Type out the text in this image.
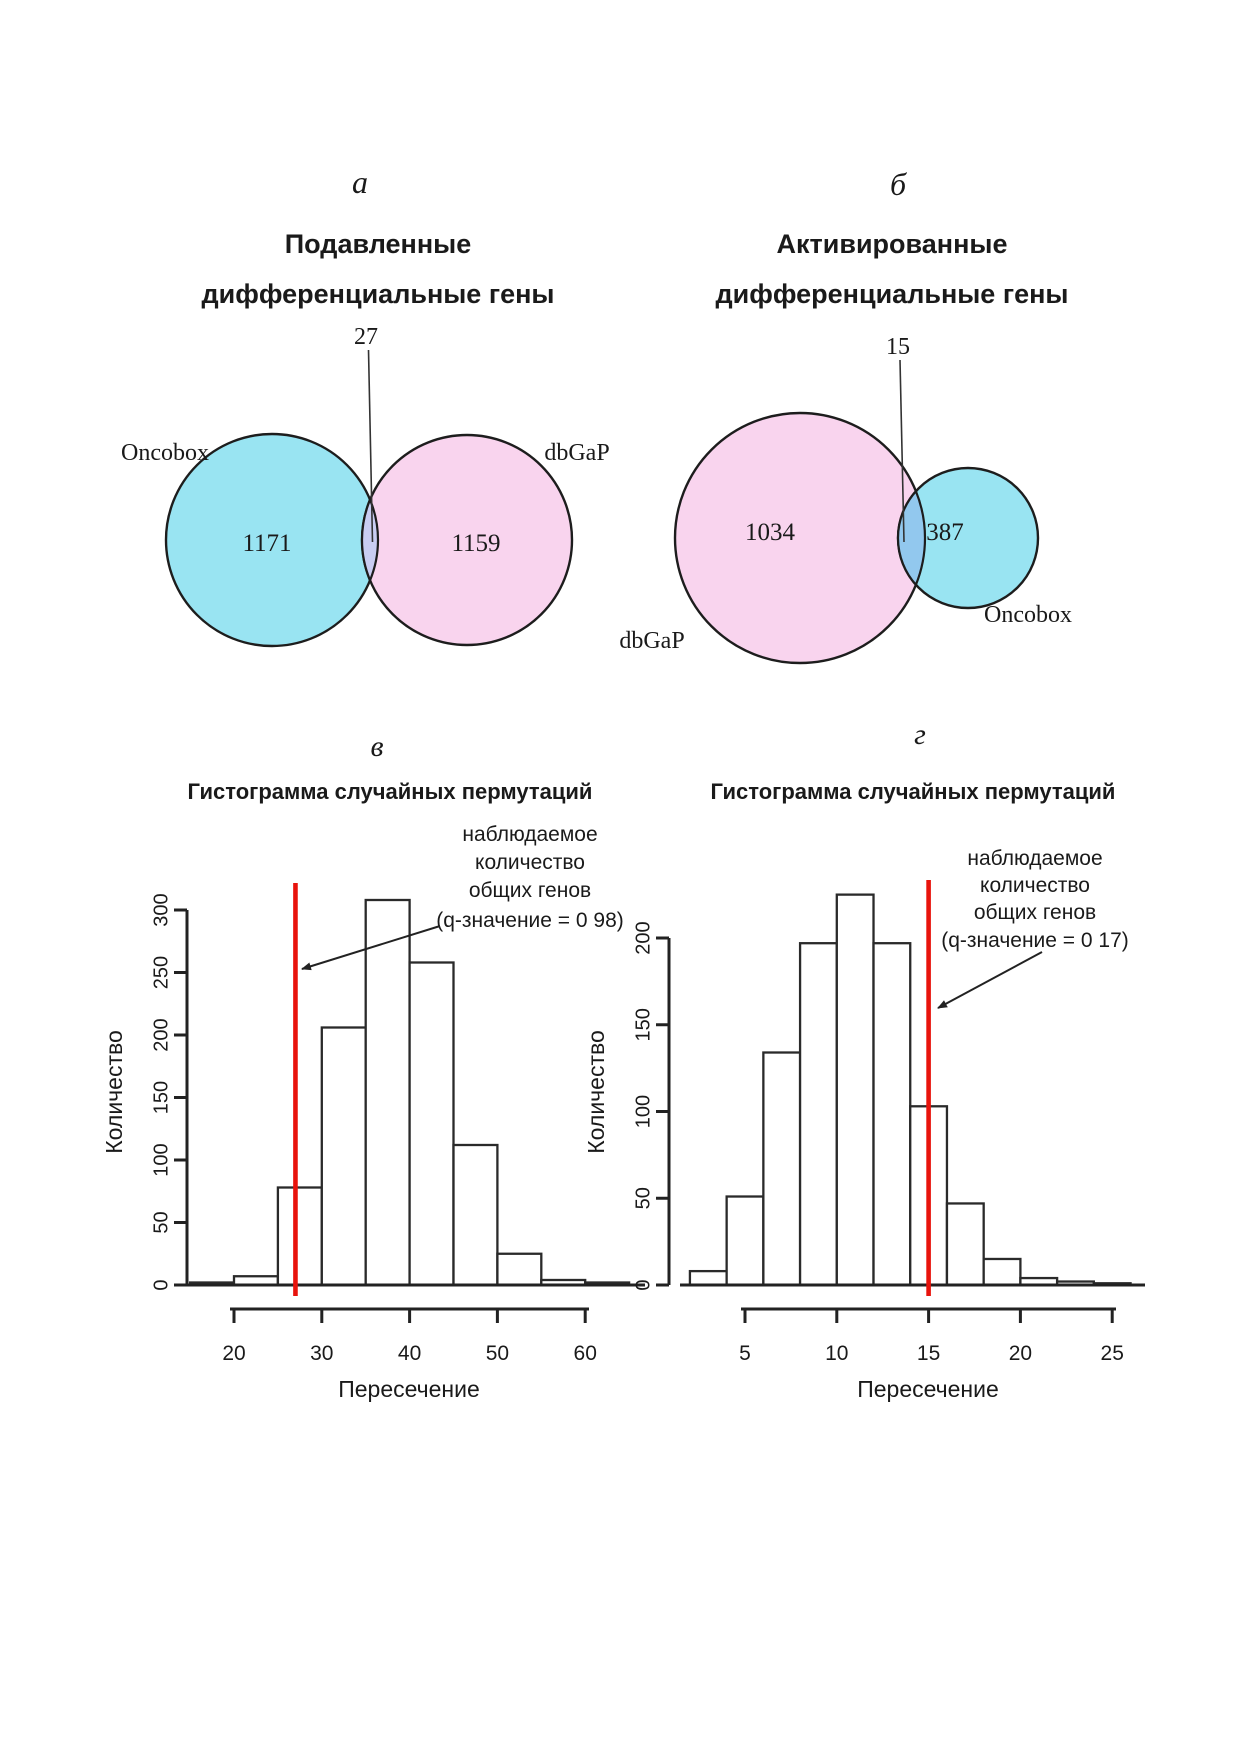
а
Подавленные
дифференциальные гены
27
Oncobox	dbGaP
1171	1159
б
Активированные
дифференциальные гены
15
dbGaP
Oncobox
1034	387
в
Гистограмма случайных пермутаций
0
50
100
150
200
250
300
Количество
20	30	40	50	60
Пересечение
наблюдаемое
количество
общих генов
(q-значение = 0 98)
г
Гистограмма случайных пермутаций
0
50
100
150
200
Количество
5	10	15	20	25
Пересечение
наблюдаемое
количество
общих генов
(q-значение = 0 17)
